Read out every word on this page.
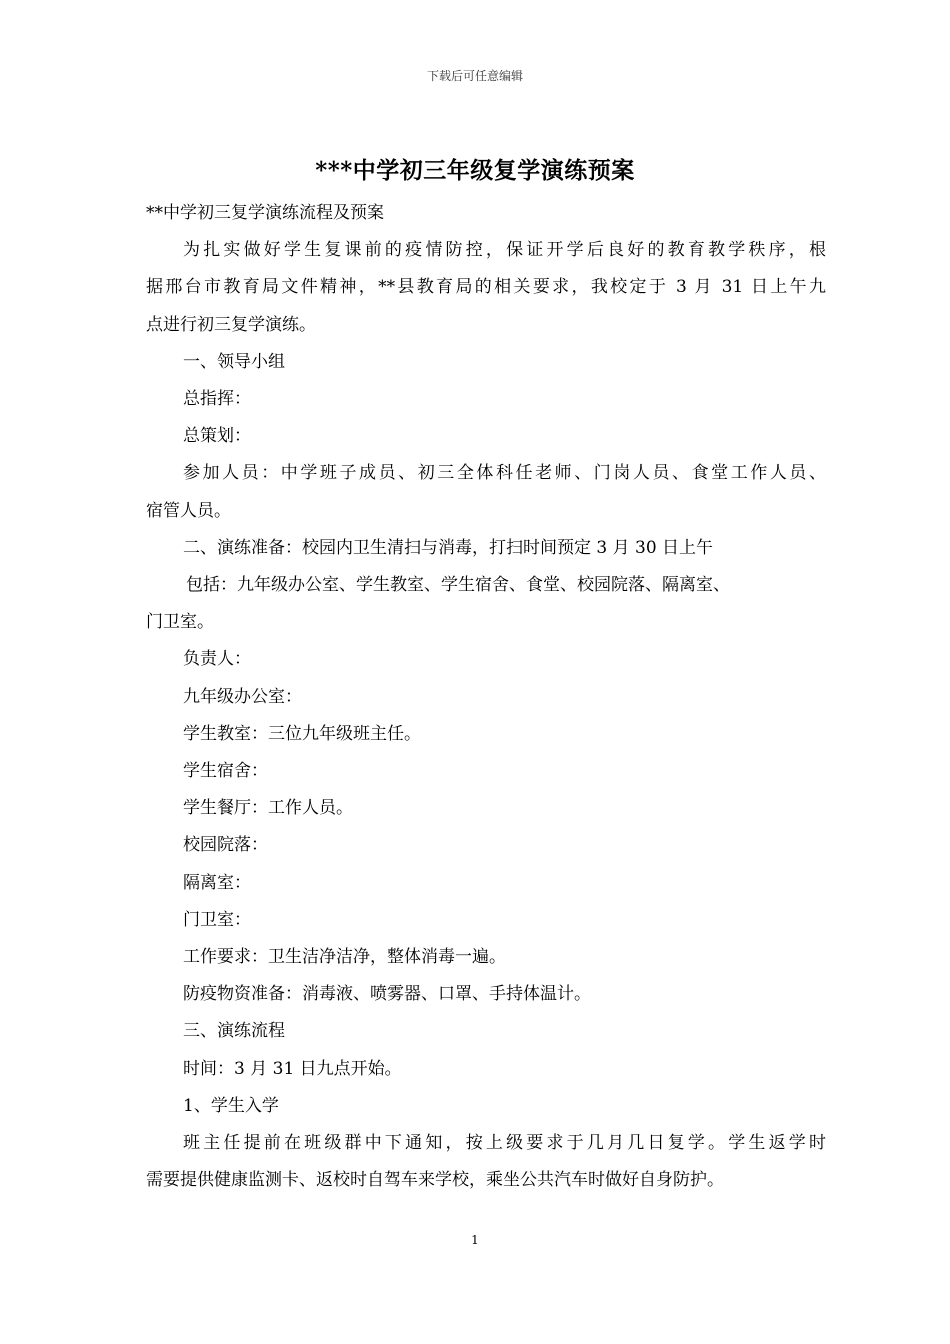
下载后可任意编辑
***中学初三年级复学演练预案

**中学初三复学演练流程及预案

为扎实做好学生复课前的疫情防控，保证开学后良好的教育教学秩序，根

据邢台市教育局文件精神，**县教育局的相关要求，我校定于 3 月 31 日上午九

点进行初三复学演练。

一、领导小组

总指挥：

总策划：

参加人员：中学班子成员、初三全体科任老师、门岗人员、食堂工作人员、

宿管人员。

二、演练准备：校园内卫生清扫与消毒，打扫时间预定 3 月 30 日上午

包括：九年级办公室、学生教室、学生宿舍、食堂、校园院落、隔离室、

门卫室。

负责人：

九年级办公室：

学生教室：三位九年级班主任。

学生宿舍：

学生餐厅：工作人员。

校园院落：

隔离室：

门卫室：

工作要求：卫生洁净洁净，整体消毒一遍。

防疫物资准备：消毒液、喷雾器、口罩、手持体温计。

三、演练流程

时间：3 月 31 日九点开始。

1、学生入学

班主任提前在班级群中下通知，按上级要求于几月几日复学。学生返学时

需要提供健康监测卡、返校时自驾车来学校，乘坐公共汽车时做好自身防护。

1
